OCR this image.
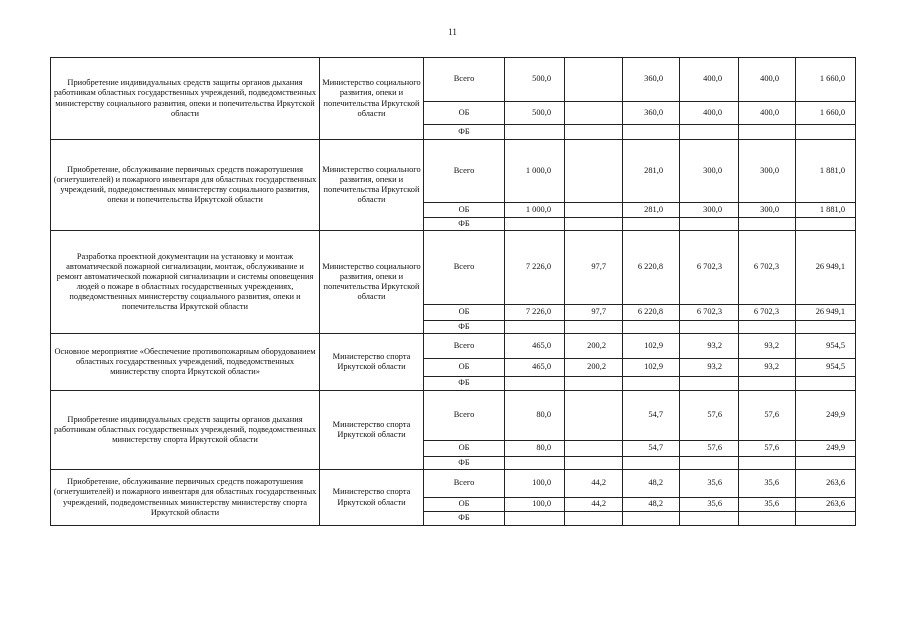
11
Приобретение индивидуальных средств защиты органов дыхания работникам областных государственных учреждений, подведомственных министерству социального развития, опеки и попечительства Иркутской области	Министерство социального развития, опеки и попечительства Иркутской области	Всего	500,0		360,0	400,0	400,0	1 660,0
		ОБ	500,0		360,0	400,0	400,0	1 660,0
		ФБ						
Приобретение, обслуживание первичных средств пожаротушения (огнетушителей) и пожарного инвентаря для областных государственных учреждений, подведомственных министерству социального развития, опеки и попечительства Иркутской области	Министерство социального развития, опеки и попечительства Иркутской области	Всего	1 000,0		281,0	300,0	300,0	1 881,0
		ОБ	1 000,0		281,0	300,0	300,0	1 881,0
		ФБ						
Разработка проектной документации на установку и монтаж автоматической пожарной сигнализации, монтаж, обслуживание и ремонт автоматической пожарной сигнализации и системы оповещения людей о пожаре в областных государственных учреждениях, подведомственных министерству социального развития, опеки и попечительства Иркутской области	Министерство социального развития, опеки и попечительства Иркутской области	Всего	7 226,0	97,7	6 220,8	6 702,3	6 702,3	26 949,1
		ОБ	7 226,0	97,7	6 220,8	6 702,3	6 702,3	26 949,1
		ФБ						
Основное мероприятие «Обеспечение противопожарным оборудованием областных государственных учреждений, подведомственных министерству спорта Иркутской области»	Министерство спорта Иркутской области	Всего	465,0	200,2	102,9	93,2	93,2	954,5
		ОБ	465,0	200,2	102,9	93,2	93,2	954,5
		ФБ						
Приобретение индивидуальных средств защиты органов дыхания работникам областных государственных учреждений, подведомственных министерству спорта Иркутской области	Министерство спорта Иркутской области	Всего	80,0		54,7	57,6	57,6	249,9
		ОБ	80,0		54,7	57,6	57,6	249,9
		ФБ						
Приобретение, обслуживание первичных средств пожаротушения (огнетушителей) и пожарного инвентаря для областных государственных учреждений, подведомственных министерству министерству спорта Иркутской области	Министерство спорта Иркутской области	Всего	100,0	44,2	48,2	35,6	35,6	263,6
		ОБ	100,0	44,2	48,2	35,6	35,6	263,6
		ФБ						
